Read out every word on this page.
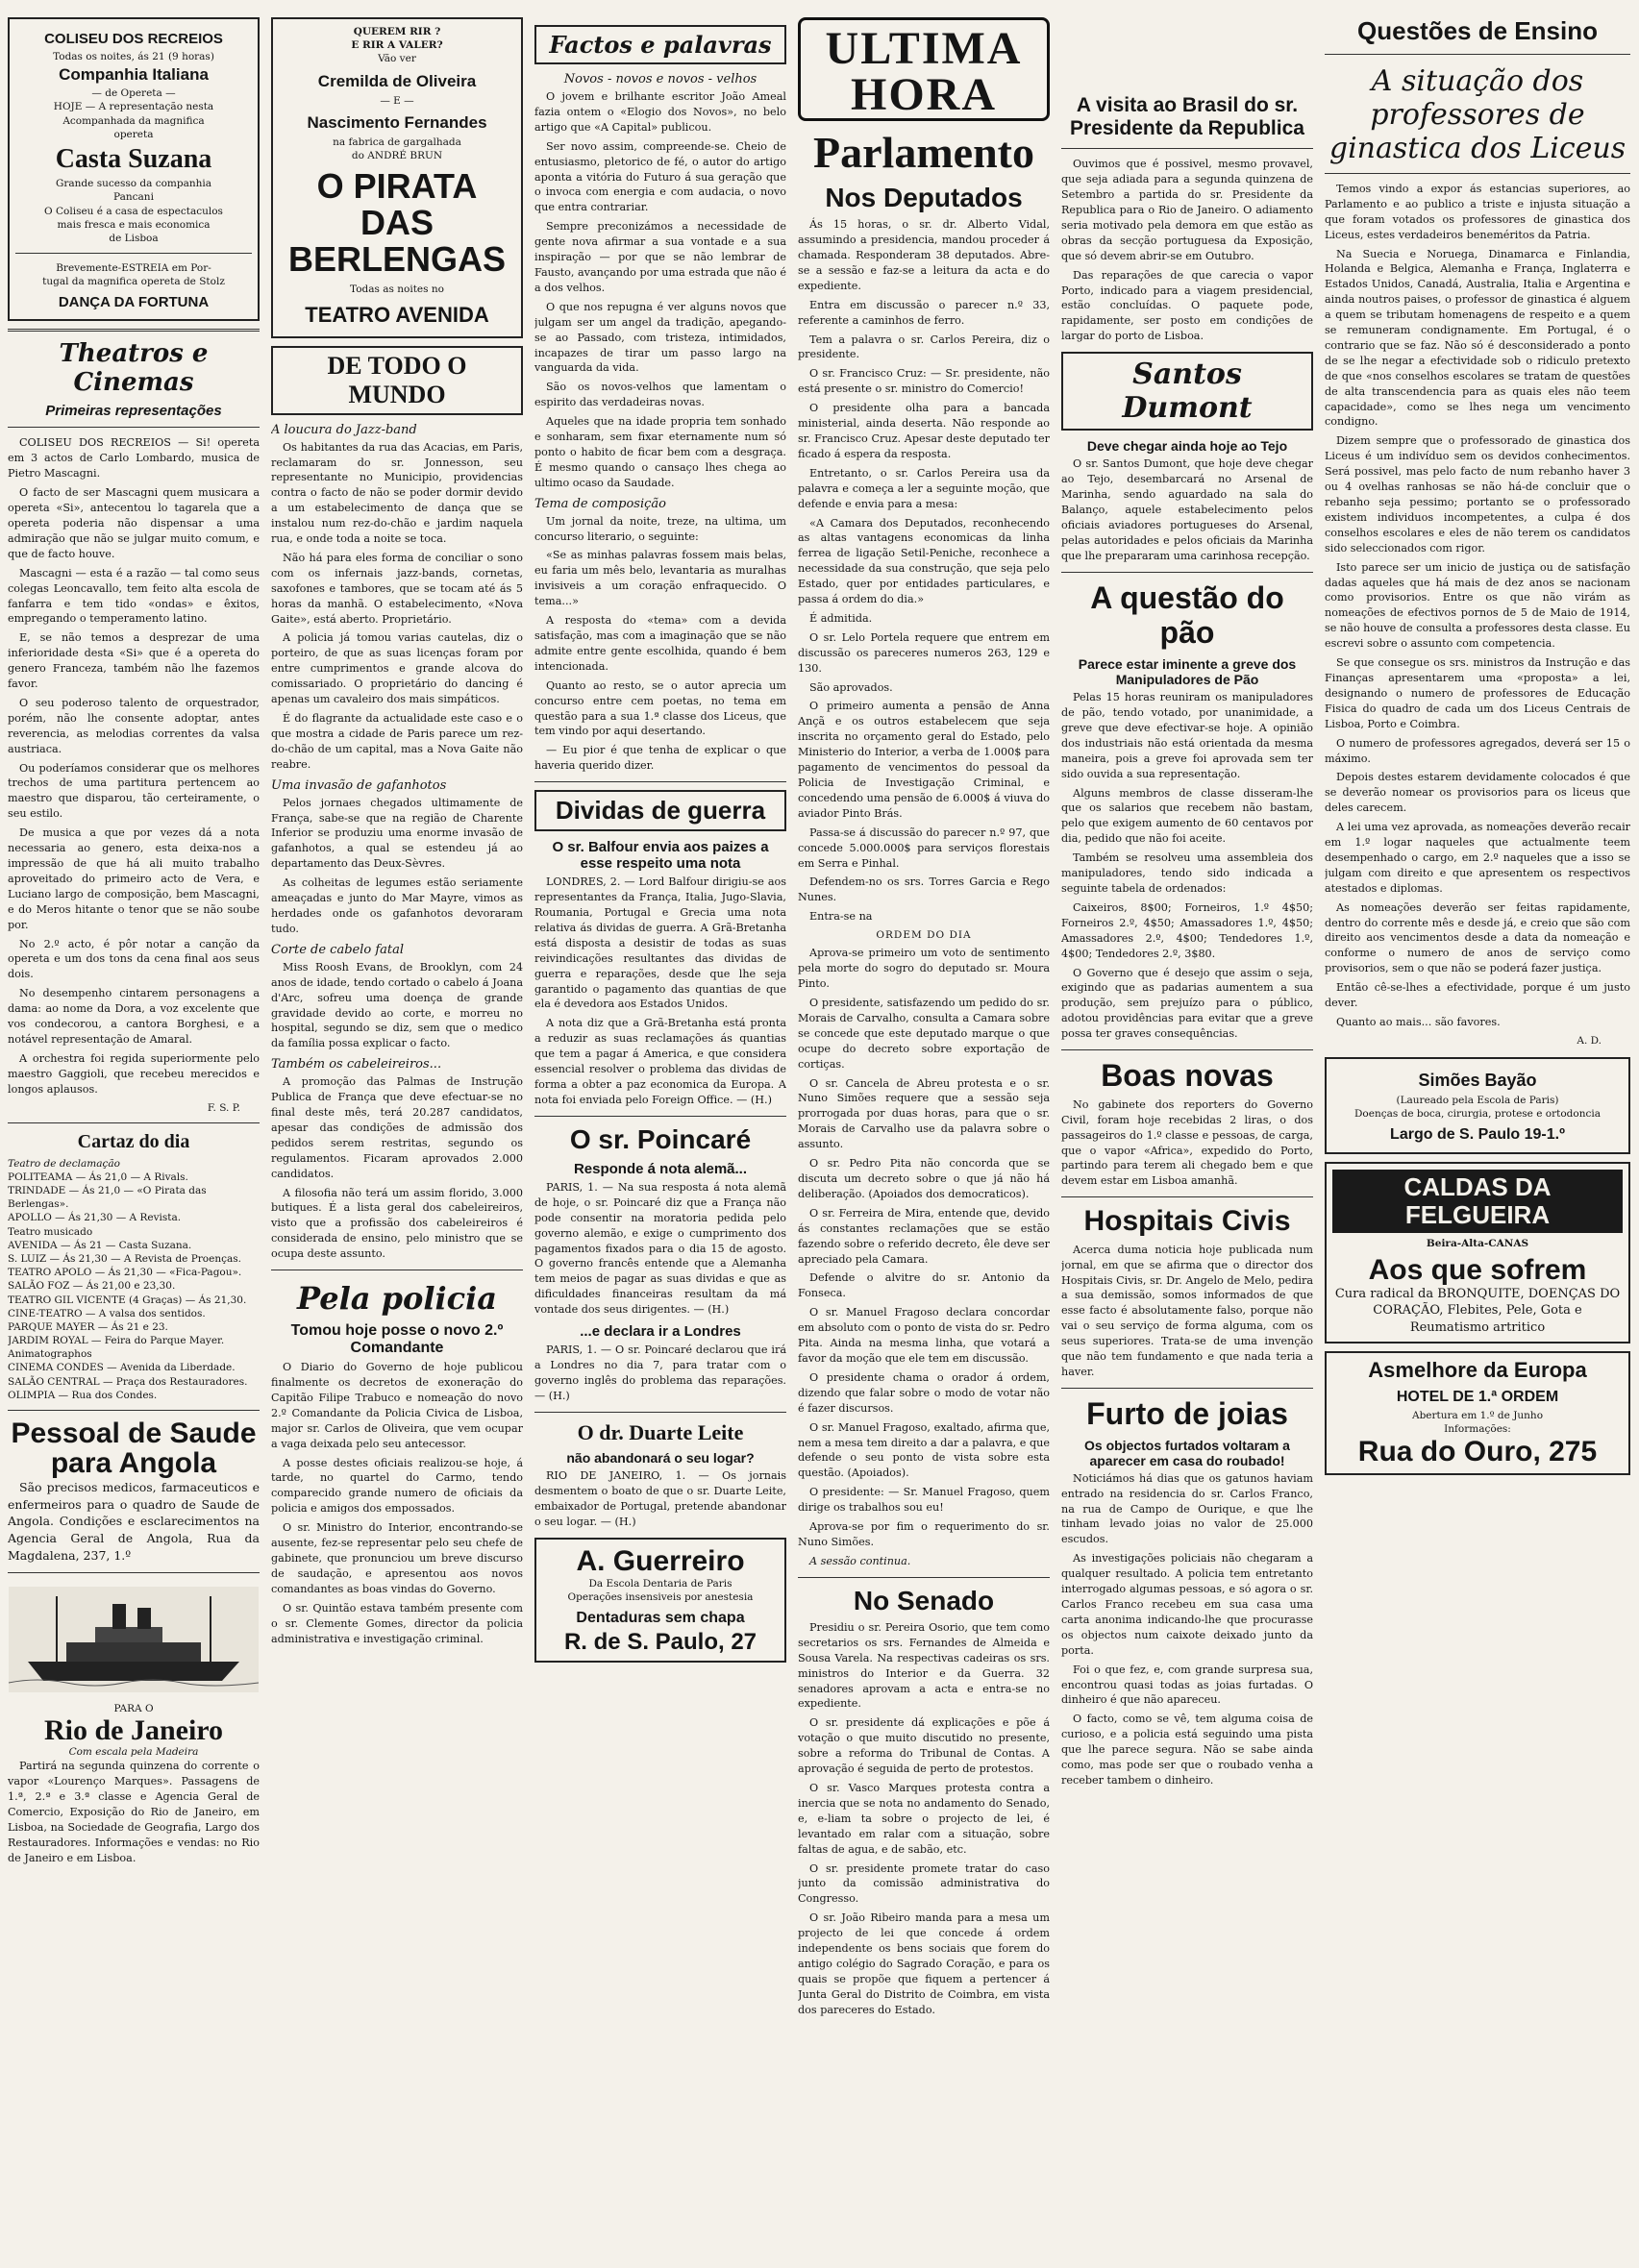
COLISEU DOS RECREIOS
Todas os noites, ás 21 (9 horas)
Companhia Italiana
— de Opereta —
HOJE — A representação nesta
Acompanhada da magnifica
opereta
Casta Suzana
Grande sucesso da companhia
Pancani
O Coliseu é a casa de espectaculos
mais fresca e mais economica
de Lisboa
Brevemente-ESTREIA em Por-
tugal da magnifica opereta de Stolz
DANÇA DA FORTUNA
Theatros e Cinemas
Primeiras representações

COLISEU DOS RECREIOS — Si! opereta em 3 actos de Carlo Lombardo, musica de Pietro Mascagni.

O facto de ser Mascagni quem musicara a opereta «Si», antecentou lo tagarela que a opereta poderia não dispensar a uma admiração que não se julgar muito comum, e que de facto houve.

Mascagni — esta é a razão — tal como seus colegas Leoncavallo, tem feito alta escola de fanfarra e tem tido «ondas» e êxitos, empregando o temperamento latino.

E, se não temos a desprezar de uma inferioridade desta «Si» que é a opereta do genero Franceza, também não lhe fazemos favor.

O seu poderoso talento de orquestrador, porém, não lhe consente adoptar, antes reverencia, as melodias correntes da valsa austriaca.

Ou poderíamos considerar que os melhores trechos de uma partitura pertencem ao maestro que disparou, tão certeiramente, o seu estilo.

De musica a que por vezes dá a nota necessaria ao genero, esta deixa-nos a impressão de que há ali muito trabalho aproveitado do primeiro acto de Vera, e Luciano largo de composição, bem Mascagni, e do Meros hitante o tenor que se não soube por.

No 2.º acto, é pôr notar a canção da opereta e um dos tons da cena final aos seus dois.

No desempenho cintarem personagens a dama: ao nome da Dora, a voz excelente que vos condecorou, a cantora Borghesi, e a notável representação de Amaral.

A orchestra foi regida superiormente pelo maestro Gaggioli, que recebeu merecidos e longos aplausos.

F. S. P.
Cartaz do dia
Teatro de declamação
POLITEAMA — Ás 21,0 — A Rivals.
TRINDADE — Ás 21,0 — «O Pirata das Berlengas».
APOLLO — Ás 21,30 — A Revista.
Teatro musicado
AVENIDA — Ás 21 — Casta Suzana.
S. LUIZ — Ás 21,30 — A Revista de Proenças.
TEATRO APOLO — Ás 21,30 — «Fica-Pagou».
SALÃO FOZ — Ás 21,00 e 23,30.
TEATRO GIL VICENTE (4 Graças) — Ás 21,30.
CINE-TEATRO — A valsa dos sentidos.
PARQUE MAYER — Ás 21 e 23.
JARDIM ROYAL — Feira do Parque Mayer.
Animatographos
CINEMA CONDES — Avenida da Liberdade.
SALÃO CENTRAL — Praça dos Restauradores.
OLIMPIA — Rua dos Condes.
Pessoal de Saude para Angola

São precisos medicos, farmaceuticos e enfermeiros para o quadro de Saude de Angola. Condições e esclarecimentos na Agencia Geral de Angola, Rua da Magdalena, 237, 1.º

PARA O
Rio de Janeiro
Com escala pela Madeira

Partirá na segunda quinzena do corrente o vapor «Lourenço Marques». Passagens de 1.ª, 2.ª e 3.ª classe e Agencia Geral de Comercio, Exposição do Rio de Janeiro, em Lisboa, na Sociedade de Geografia, Largo dos Restauradores. Informações e vendas: no Rio de Janeiro e em Lisboa.

QUEREM RIR ?
E RIR A VALER?
Vão ver
Cremilda de Oliveira
— E —
Nascimento Fernandes
na fabrica de gargalhada
do ANDRÉ BRUN
O PIRATA DAS BERLENGAS
Todas as noites no
TEATRO AVENIDA
DE TODO O MUNDO
A loucura do Jazz-band

Os habitantes da rua das Acacias, em Paris, reclamaram do sr. Jonnesson, seu representante no Municipio, providencias contra o facto de não se poder dormir devido a um estabelecimento de dança que se instalou num rez-do-chão e jardim naquela rua, e onde toda a noite se toca.

Não há para eles forma de conciliar o sono com os infernais jazz-bands, cornetas, saxofones e tambores, que se tocam até ás 5 horas da manhã. O estabelecimento, «Nova Gaite», está aberto. Proprietário.

A policia já tomou varias cautelas, diz o porteiro, de que as suas licenças foram por entre cumprimentos e grande alcova do comissariado. O proprietário do dancing é apenas um cavaleiro dos mais simpáticos.

É do flagrante da actualidade este caso e o que mostra a cidade de Paris parece um rez-do-chão de um capital, mas a Nova Gaite não reabre.

Uma invasão de gafanhotos

Pelos jornaes chegados ultimamente de França, sabe-se que na região de Charente Inferior se produziu uma enorme invasão de gafanhotos, a qual se estendeu já ao departamento das Deux-Sèvres.

As colheitas de legumes estão seriamente ameaçadas e junto do Mar Mayre, vimos as herdades onde os gafanhotos devoraram tudo.

Corte de cabelo fatal

Miss Roosh Evans, de Brooklyn, com 24 anos de idade, tendo cortado o cabelo á Joana d'Arc, sofreu uma doença de grande gravidade devido ao corte, e morreu no hospital, segundo se diz, sem que o medico da família possa explicar o facto.

Também os cabeleireiros...

A promoção das Palmas de Instrução Publica de França que deve efectuar-se no final deste mês, terá 20.287 candidatos, apesar das condições de admissão dos pedidos serem restritas, segundo os regulamentos. Ficaram aprovados 2.000 candidatos.

A filosofia não terá um assim florido, 3.000 butiques. É a lista geral dos cabeleireiros, visto que a profissão dos cabeleireiros é considerada de ensino, pelo ministro que se ocupa deste assunto.

Pela policia
Tomou hoje posse o novo 2.º Comandante

O Diario do Governo de hoje publicou finalmente os decretos de exoneração do Capitão Filipe Trabuco e nomeação do novo 2.º Comandante da Policia Civica de Lisboa, major sr. Carlos de Oliveira, que vem ocupar a vaga deixada pelo seu antecessor.

A posse destes oficiais realizou-se hoje, á tarde, no quartel do Carmo, tendo comparecido grande numero de oficiais da policia e amigos dos empossados.

O sr. Ministro do Interior, encontrando-se ausente, fez-se representar pelo seu chefe de gabinete, que pronunciou um breve discurso de saudação, e apresentou aos novos comandantes as boas vindas do Governo.

O sr. Quintão estava também presente com o sr. Clemente Gomes, director da policia administrativa e investigação criminal.

Factos e palavras
Novos - novos e novos - velhos

O jovem e brilhante escritor João Ameal fazia ontem o «Elogio dos Novos», no belo artigo que «A Capital» publicou.

Ser novo assim, compreende-se. Cheio de entusiasmo, pletorico de fé, o autor do artigo aponta a vitória do Futuro á sua geração que o invoca com energia e com audacia, o novo que entra contrariar.

Sempre preconizámos a necessidade de gente nova afirmar a sua vontade e a sua inspiração — por que se não lembrar de Fausto, avançando por uma estrada que não é a dos velhos.

O que nos repugna é ver alguns novos que julgam ser um angel da tradição, apegando-se ao Passado, com tristeza, intimidados, incapazes de tirar um passo largo na vanguarda da vida.

São os novos-velhos que lamentam o espirito das verdadeiras novas.

Aqueles que na idade propria tem sonhado e sonharam, sem fixar eternamente num só ponto o habito de ficar bem com a desgraça. É mesmo quando o cansaço lhes chega ao ultimo ocaso da Saudade.

Tema de composição

Um jornal da noite, treze, na ultima, um concurso literario, o seguinte:

«Se as minhas palavras fossem mais belas, eu faria um mês belo, levantaria as muralhas invisiveis a um coração enfraquecido. O tema...»

A resposta do «tema» com a devida satisfação, mas com a imaginação que se não admite entre gente escolhida, quando é bem intencionada.

Quanto ao resto, se o autor aprecia um concurso entre cem poetas, no tema em questão para a sua 1.ª classe dos Liceus, que tem vindo por aqui desertando.

— Eu pior é que tenha de explicar o que haveria querido dizer.

Dividas de guerra
O sr. Balfour envia aos paizes a esse respeito uma nota

LONDRES, 2. — Lord Balfour dirigiu-se aos representantes da França, Italia, Jugo-Slavia, Roumania, Portugal e Grecia uma nota relativa ás dividas de guerra. A Grã-Bretanha está disposta a desistir de todas as suas reivindicações resultantes das dividas de guerra e reparações, desde que lhe seja garantido o pagamento das quantias de que ela é devedora aos Estados Unidos.

A nota diz que a Grã-Bretanha está pronta a reduzir as suas reclamações ás quantias que tem a pagar á America, e que considera essencial resolver o problema das dividas de forma a obter a paz economica da Europa. A nota foi enviada pelo Foreign Office. — (H.)

O sr. Poincaré
Responde á nota alemã...

PARIS, 1. — Na sua resposta á nota alemã de hoje, o sr. Poincaré diz que a França não pode consentir na moratoria pedida pelo governo alemão, e exige o cumprimento dos pagamentos fixados para o dia 15 de agosto. O governo francês entende que a Alemanha tem meios de pagar as suas dividas e que as dificuldades financeiras resultam da má vontade dos seus dirigentes. — (H.)

...e declara ir a Londres

PARIS, 1. — O sr. Poincaré declarou que irá a Londres no dia 7, para tratar com o governo inglês do problema das reparações. — (H.)

O dr. Duarte Leite
não abandonará o seu logar?

RIO DE JANEIRO, 1. — Os jornais desmentem o boato de que o sr. Duarte Leite, embaixador de Portugal, pretende abandonar o seu logar. — (H.)

A. Guerreiro
Da Escola Dentaria de Paris
Operações insensiveis por anestesia
Dentaduras sem chapa
R. de S. Paulo, 27
ULTIMA HORA
Parlamento
Nos Deputados

Ás 15 horas, o sr. dr. Alberto Vidal, assumindo a presidencia, mandou proceder á chamada. Responderam 38 deputados. Abre-se a sessão e faz-se a leitura da acta e do expediente.

Entra em discussão o parecer n.º 33, referente a caminhos de ferro.

Tem a palavra o sr. Carlos Pereira, diz o presidente.

O sr. Francisco Cruz: — Sr. presidente, não está presente o sr. ministro do Comercio!

O presidente olha para a bancada ministerial, ainda deserta. Não responde ao sr. Francisco Cruz. Apesar deste deputado ter ficado á espera da resposta.

Entretanto, o sr. Carlos Pereira usa da palavra e começa a ler a seguinte moção, que defende e envia para a mesa:

«A Camara dos Deputados, reconhecendo as altas vantagens economicas da linha ferrea de ligação Setil-Peniche, reconhece a necessidade da sua construção, que seja pelo Estado, quer por entidades particulares, e passa á ordem do dia.»

É admitida.

O sr. Lelo Portela requere que entrem em discussão os pareceres numeros 263, 129 e 130.

São aprovados.

O primeiro aumenta a pensão de Anna Ançã e os outros estabelecem que seja inscrita no orçamento geral do Estado, pelo Ministerio do Interior, a verba de 1.000$ para pagamento de vencimentos do pessoal da Policia de Investigação Criminal, e concedendo uma pensão de 6.000$ á viuva do aviador Pinto Brás.

Passa-se á discussão do parecer n.º 97, que concede 5.000.000$ para serviços florestais em Serra e Pinhal.

Defendem-no os srs. Torres Garcia e Rego Nunes.

Entra-se na

ORDEM DO DIA

Aprova-se primeiro um voto de sentimento pela morte do sogro do deputado sr. Moura Pinto.

O presidente, satisfazendo um pedido do sr. Morais de Carvalho, consulta a Camara sobre se concede que este deputado marque o que ocupe do decreto sobre exportação de cortiças.

O sr. Cancela de Abreu protesta e o sr. Nuno Simões requere que a sessão seja prorrogada por duas horas, para que o sr. Morais de Carvalho use da palavra sobre o assunto.

O sr. Pedro Pita não concorda que se discuta um decreto sobre o que já não há deliberação. (Apoiados dos democraticos).

O sr. Ferreira de Mira, entende que, devido ás constantes reclamações que se estão fazendo sobre o referido decreto, êle deve ser apreciado pela Camara.

Defende o alvitre do sr. Antonio da Fonseca.

O sr. Manuel Fragoso declara concordar em absoluto com o ponto de vista do sr. Pedro Pita. Ainda na mesma linha, que votará a favor da moção que ele tem em discussão.

O presidente chama o orador á ordem, dizendo que falar sobre o modo de votar não é fazer discursos.

O sr. Manuel Fragoso, exaltado, afirma que, nem a mesa tem direito a dar a palavra, e que defende o seu ponto de vista sobre esta questão. (Apoiados).

O presidente: — Sr. Manuel Fragoso, quem dirige os trabalhos sou eu!

Aprova-se por fim o requerimento do sr. Nuno Simões.

A sessão continua.

No Senado

Presidiu o sr. Pereira Osorio, que tem como secretarios os srs. Fernandes de Almeida e Sousa Varela. Na respectivas cadeiras os srs. ministros do Interior e da Guerra. 32 senadores aprovam a acta e entra-se no expediente.

O sr. presidente dá explicações e põe á votação o que muito discutido no presente, sobre a reforma do Tribunal de Contas. A aprovação é seguida de perto de protestos.

O sr. Vasco Marques protesta contra a inercia que se nota no andamento do Senado, e, e-liam ta sobre o projecto de lei, é levantado em ralar com a situação, sobre faltas de agua, e de sabão, etc.

O sr. presidente promete tratar do caso junto da comissão administrativa do Congresso.

O sr. João Ribeiro manda para a mesa um projecto de lei que concede á ordem independente os bens sociais que forem do antigo colégio do Sagrado Coração, e para os quais se propõe que fiquem a pertencer á Junta Geral do Distrito de Coimbra, em vista dos pareceres do Estado.

A visita ao Brasil do sr. Presidente da Republica

Ouvimos que é possivel, mesmo provavel, que seja adiada para a segunda quinzena de Setembro a partida do sr. Presidente da Republica para o Rio de Janeiro. O adiamento seria motivado pela demora em que estão as obras da secção portuguesa da Exposição, que só devem abrir-se em Outubro.

Das reparações de que carecia o vapor Porto, indicado para a viagem presidencial, estão concluídas. O paquete pode, rapidamente, ser posto em condições de largar do porto de Lisboa.

Santos Dumont
Deve chegar ainda hoje ao Tejo

O sr. Santos Dumont, que hoje deve chegar ao Tejo, desembarcará no Arsenal de Marinha, sendo aguardado na sala do Balanço, aquele estabelecimento pelos oficiais aviadores portugueses do Arsenal, pelas autoridades e pelos oficiais da Marinha que lhe prepararam uma carinhosa recepção.

A questão do pão
Parece estar iminente a greve dos Manipuladores de Pão

Pelas 15 horas reuniram os manipuladores de pão, tendo votado, por unanimidade, a greve que deve efectivar-se hoje. A opinião dos industriais não está orientada da mesma maneira, pois a greve foi aprovada sem ter sido ouvida a sua representação.

Alguns membros de classe disseram-lhe que os salarios que recebem não bastam, pelo que exigem aumento de 60 centavos por dia, pedido que não foi aceite.

Também se resolveu uma assembleia dos manipuladores, tendo sido indicada a seguinte tabela de ordenados:

Caixeiros, 8$00; Forneiros, 1.º 4$50; Forneiros 2.º, 4$50; Amassadores 1.º, 4$50; Amassadores 2.º, 4$00; Tendedores 1.º, 4$00; Tendedores 2.º, 3$80.

O Governo que é desejo que assim o seja, exigindo que as padarias aumentem a sua produção, sem prejuízo para o público, adotou providências para evitar que a greve possa ter graves consequências.

Boas novas

No gabinete dos reporters do Governo Civil, foram hoje recebidas 2 liras, o dos passageiros do 1.º classe e pessoas, de carga, que o vapor «Africa», expedido do Porto, partindo para terem ali chegado bem e que devem estar em Lisboa amanhã.

Hospitais Civis

Acerca duma noticia hoje publicada num jornal, em que se afirma que o director dos Hospitais Civis, sr. Dr. Angelo de Melo, pedira a sua demissão, somos informados de que esse facto é absolutamente falso, porque não vai o seu serviço de forma alguma, com os seus superiores. Trata-se de uma invenção que não tem fundamento e que nada teria a haver.

Furto de joias
Os objectos furtados voltaram a aparecer em casa do roubado!

Noticiámos há dias que os gatunos haviam entrado na residencia do sr. Carlos Franco, na rua de Campo de Ourique, e que lhe tinham levado joias no valor de 25.000 escudos.

As investigações policiais não chegaram a qualquer resultado. A policia tem entretanto interrogado algumas pessoas, e só agora o sr. Carlos Franco recebeu em sua casa uma carta anonima indicando-lhe que procurasse os objectos num caixote deixado junto da porta.

Foi o que fez, e, com grande surpresa sua, encontrou quasi todas as joias furtadas. O dinheiro é que não apareceu.

O facto, como se vê, tem alguma coisa de curioso, e a policia está seguindo uma pista que lhe parece segura. Não se sabe ainda como, mas pode ser que o roubado venha a receber tambem o dinheiro.

Questões de Ensino
A situação dos professores de ginastica dos Liceus

Temos vindo a expor ás estancias superiores, ao Parlamento e ao publico a triste e injusta situação a que foram votados os professores de ginastica dos Liceus, estes verdadeiros beneméritos da Patria.

Na Suecia e Noruega, Dinamarca e Finlandia, Holanda e Belgica, Alemanha e França, Inglaterra e Estados Unidos, Canadá, Australia, Italia e Argentina e ainda noutros paises, o professor de ginastica é alguem a quem se tributam homenagens de respeito e a quem se remuneram condignamente. Em Portugal, é o contrario que se faz. Não só é desconsiderado a ponto de se lhe negar a efectividade sob o ridiculo pretexto de que «nos conselhos escolares se tratam de questões de alta transcendencia para as quais eles não teem capacidade», como se lhes nega um vencimento condigno.

Dizem sempre que o professorado de ginastica dos Liceus é um indivíduo sem os devidos conhecimentos. Será possivel, mas pelo facto de num rebanho haver 3 ou 4 ovelhas ranhosas se não há-de concluir que o rebanho seja pessimo; portanto se o professorado existem individuos incompetentes, a culpa é dos conselhos escolares e eles de não terem os candidatos sido seleccionados com rigor.

Isto parece ser um inicio de justiça ou de satisfação dadas aqueles que há mais de dez anos se nacionam como provisorios. Entre os que não virám as nomeações de efectivos pornos de 5 de Maio de 1914, se não houve de consulta a professores desta classe. Eu escrevi sobre o assunto com competencia.

Se que consegue os srs. ministros da Instrução e das Finanças apresentarem uma «proposta» a lei, designando o numero de professores de Educação Fisica do quadro de cada um dos Liceus Centrais de Lisboa, Porto e Coimbra.

O numero de professores agregados, deverá ser 15 o máximo.

Depois destes estarem devidamente colocados é que se deverão nomear os provisorios para os liceus que deles carecem.

A lei uma vez aprovada, as nomeações deverão recair em 1.º logar naqueles que actualmente teem desempenhado o cargo, em 2.º naqueles que a isso se julgam com direito e que apresentem os respectivos atestados e diplomas.

As nomeações deverão ser feitas rapidamente, dentro do corrente mês e desde já, e creio que são com direito aos vencimentos desde a data da nomeação e conforme o numero de anos de serviço como provisorios, sem o que não se poderá fazer justiça.

Então cê-se-lhes a efectividade, porque é um justo dever.

Quanto ao mais... são favores.

A. D.
Simões Bayão
(Laureado pela Escola de Paris)
Doenças de boca, cirurgia, protese e ortodoncia
Largo de S. Paulo 19-1.º
CALDAS DA FELGUEIRA
Beira-Alta-CANAS
Aos que sofrem
Cura radical da BRONQUITE, DOENÇAS DO CORAÇÃO, Flebites, Pele, Gota e Reumatismo artritico
Asmelhore da Europa
HOTEL DE 1.ª ORDEM
Abertura em 1.º de Junho
Informações:
Rua do Ouro, 275
